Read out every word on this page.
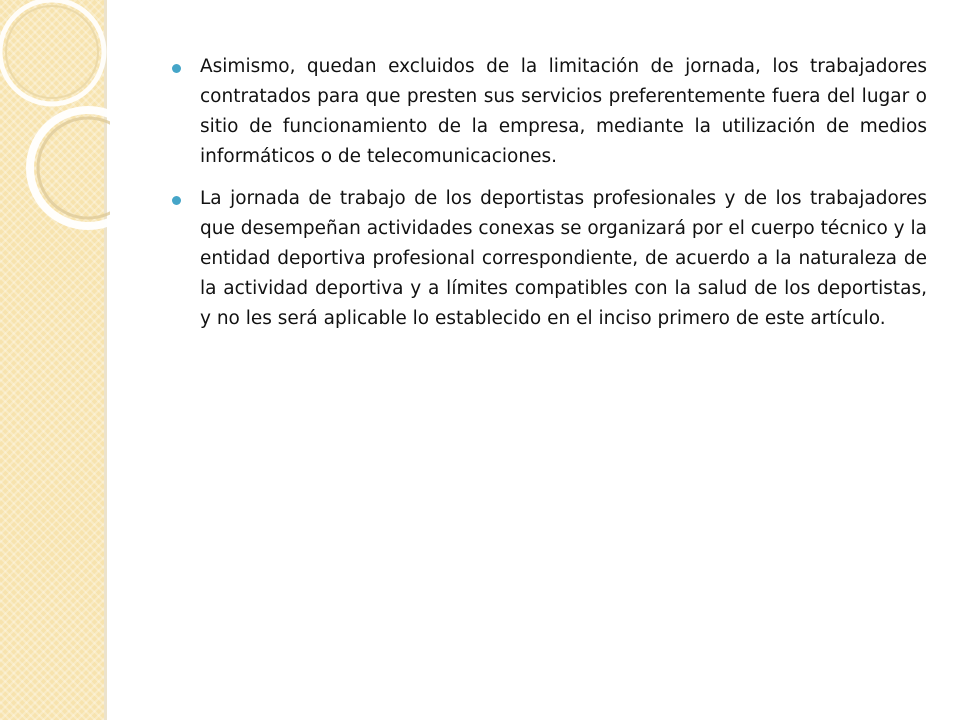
Asimismo, quedan excluidos de la limitación de jornada, los trabajadores contratados para que presten sus servicios preferentemente fuera del lugar o sitio de funcionamiento de la empresa, mediante la utilización de medios informáticos o de telecomunicaciones.
La jornada de trabajo de los deportistas profesionales y de los trabajadores que desempeñan actividades conexas se organizará por el cuerpo técnico y la entidad deportiva profesional correspondiente, de acuerdo a la naturaleza de la actividad deportiva y a límites compatibles con la salud de los deportistas, y no les será aplicable lo establecido en el inciso primero de este artículo.
